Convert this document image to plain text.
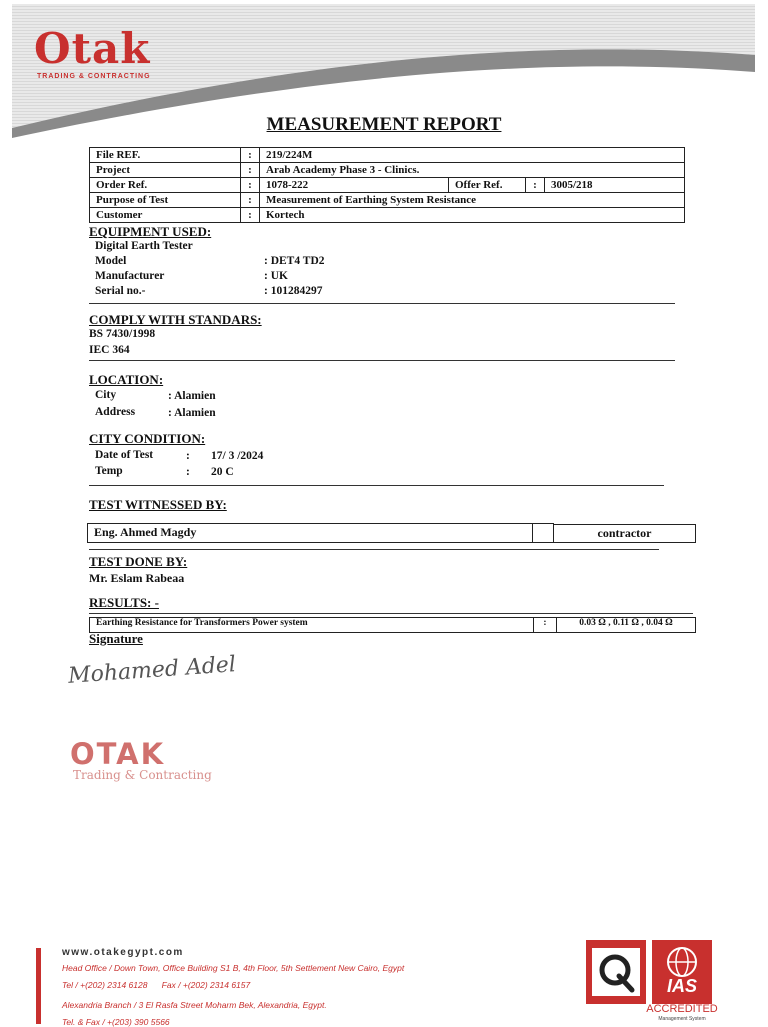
Otak
TRADING & CONTRACTING
MEASUREMENT REPORT
File REF.	:	219/224M			
Project	:	Arab Academy Phase 3 - Clinics.			
Order Ref.	:	1078-222	Offer Ref.	:	3005/218
Purpose of Test	:	Measurement of Earthing System Resistance			
Customer	:	Kortech			
EQUIPMENT USED:
Digital Earth Tester
Model	: DET4 TD2
Manufacturer	: UK
Serial no.-	: 101284297
COMPLY WITH STANDARS:
BS 7430/1998
IEC 364
LOCATION:
City	: Alamien
Address	: Alamien
CITY CONDITION:
Date of Test	: 17/ 3 /2024
Temp	: 20 C
TEST WITNESSED BY:
Eng. Ahmed Magdy	contractor
TEST DONE BY:
Mr. Eslam Rabeaa
RESULTS: -
Earthing Resistance for Transformers Power system	:	0.03 Ω , 0.11 Ω , 0.04 Ω
Signature
Mohamed Adel
OTAK
Trading & Contracting
www.otakegypt.com
Head Office / Down Town, Office Building S1 B, 4th Floor, 5th Settlement New Cairo, Egypt
Tel / +(202) 2314 6128      Fax / +(202) 2314 6157
Alexandria Branch / 3 El Rasfa Street Moharm Bek, Alexandria, Egypt.
Tel. & Fax / +(203) 390 5566
IAS
ACCREDITED
Management System
